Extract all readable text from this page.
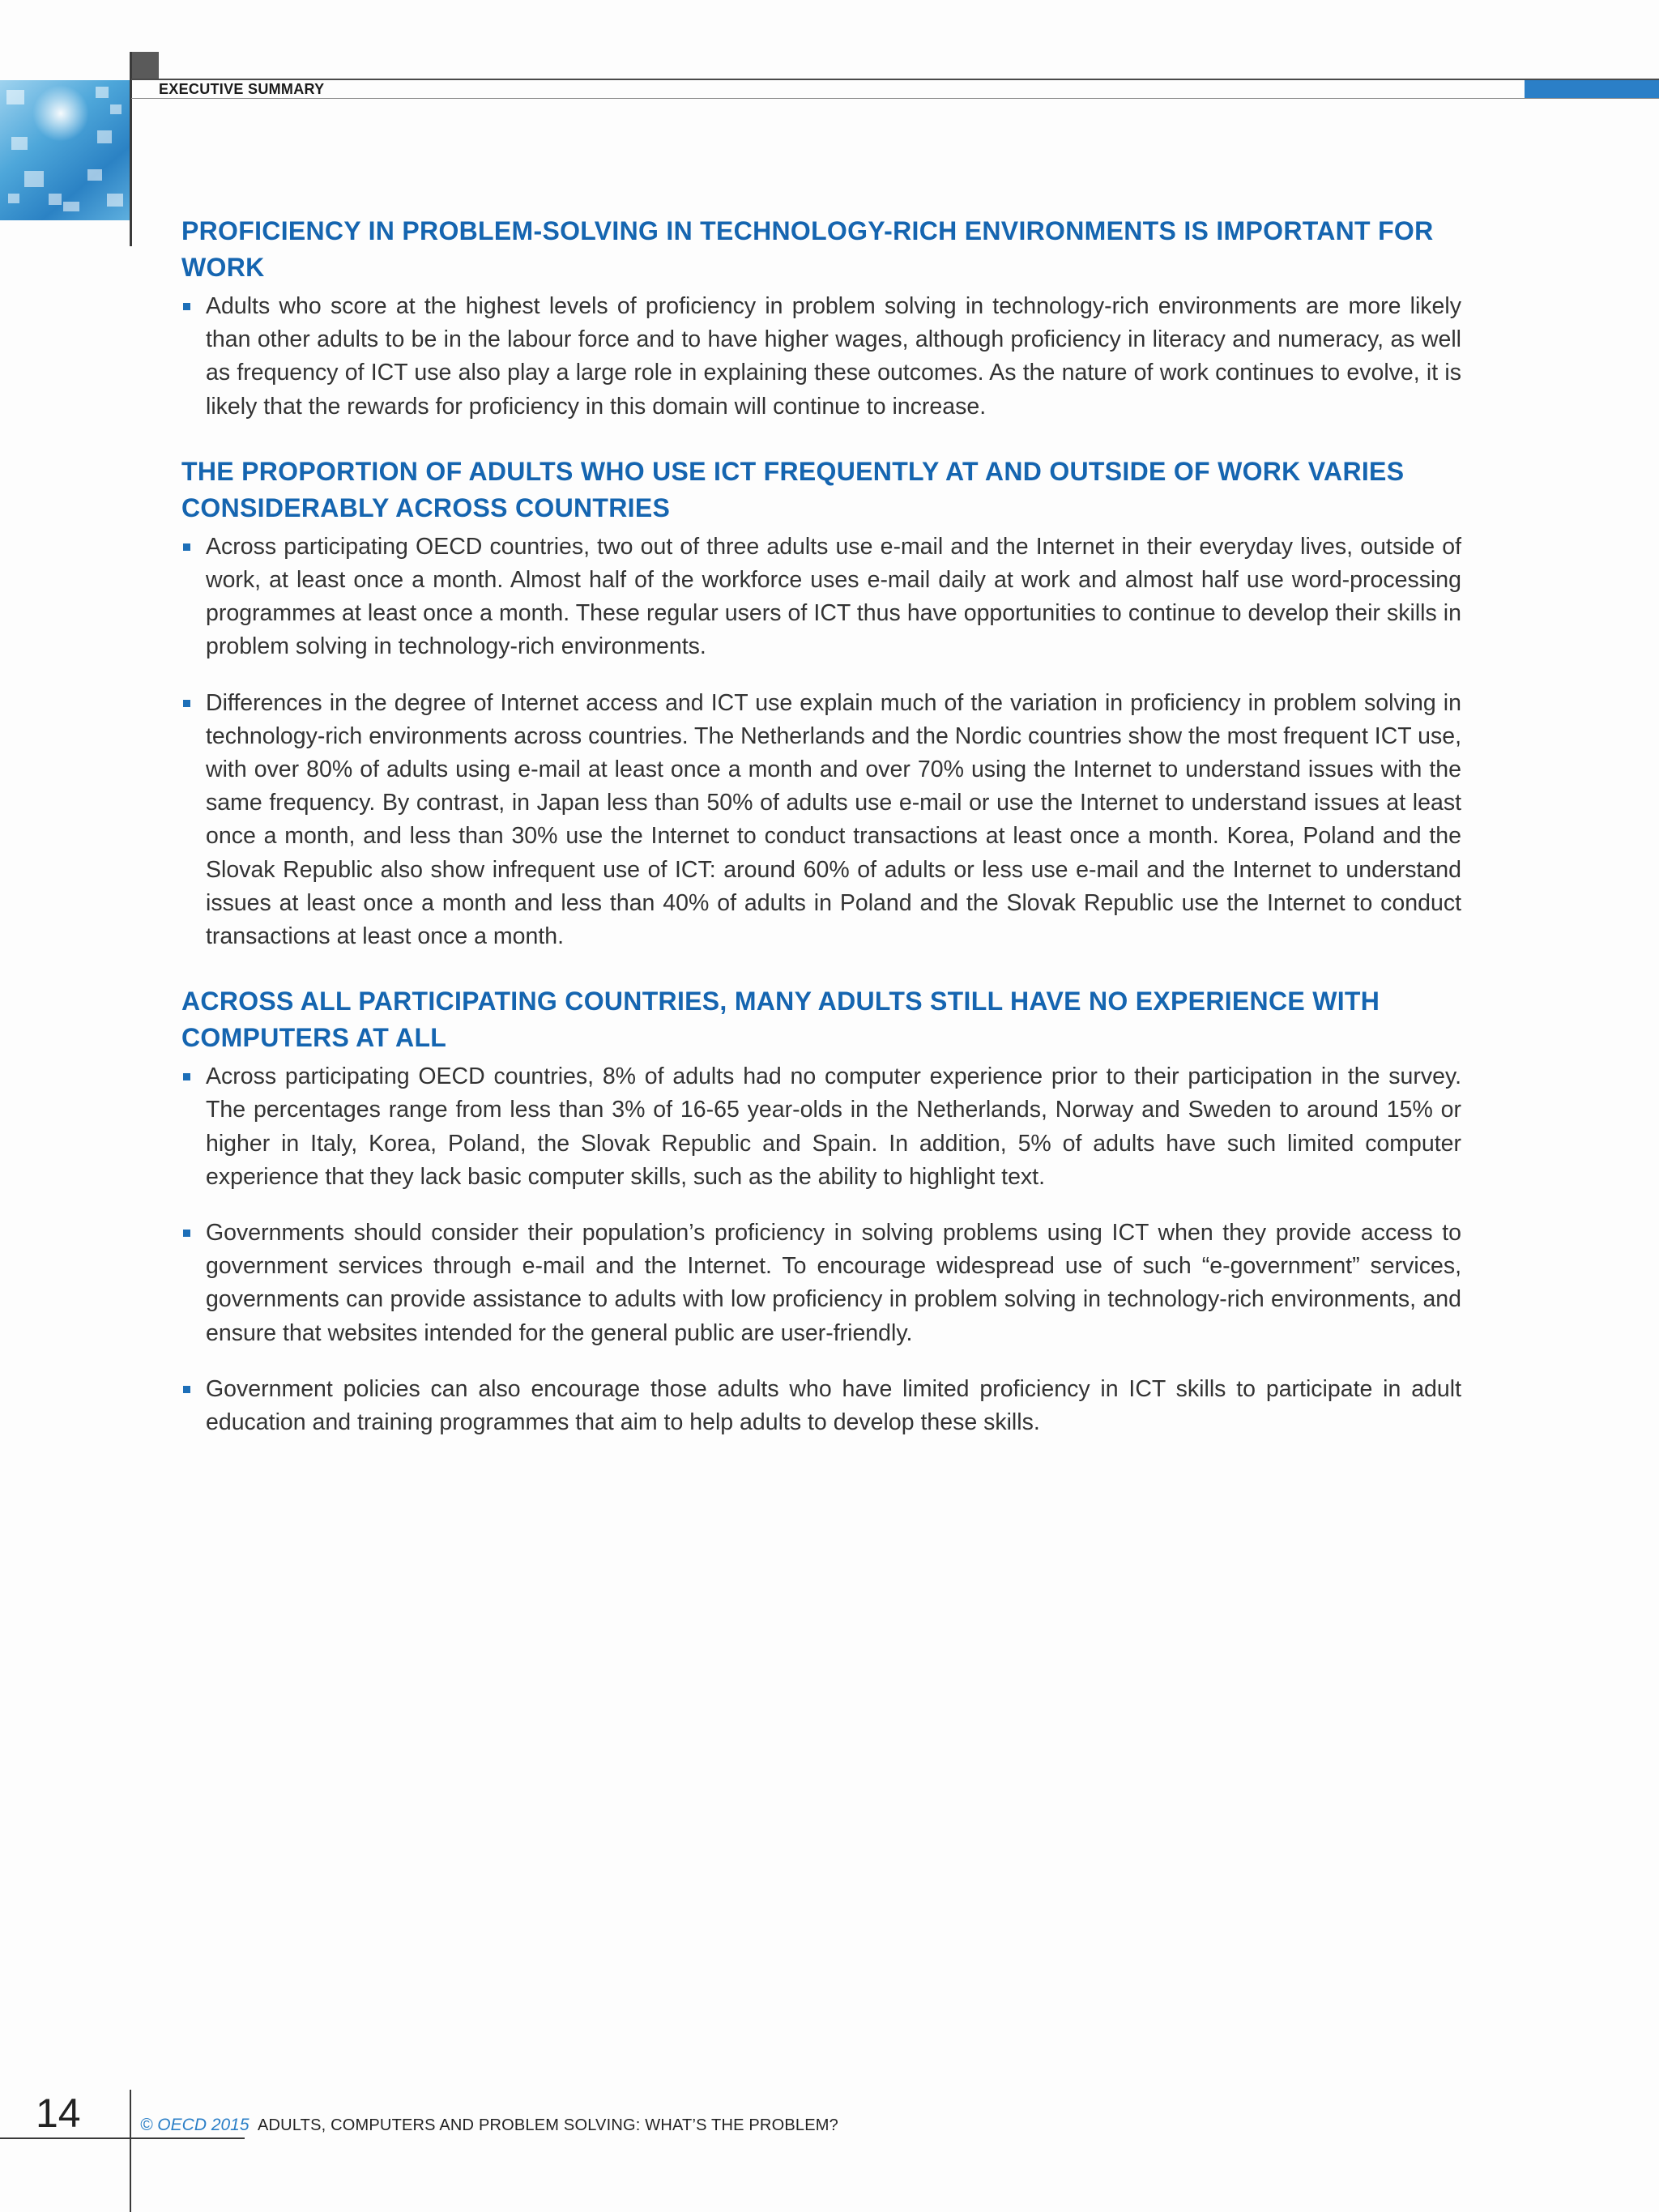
EXECUTIVE SUMMARY
PROFICIENCY IN PROBLEM-SOLVING IN TECHNOLOGY-RICH ENVIRONMENTS IS IMPORTANT FOR WORK
Adults who score at the highest levels of proficiency in problem solving in technology-rich environments are more likely than other adults to be in the labour force and to have higher wages, although proficiency in literacy and numeracy, as well as frequency of ICT use also play a large role in explaining these outcomes. As the nature of work continues to evolve, it is likely that the rewards for proficiency in this domain will continue to increase.
THE PROPORTION OF ADULTS WHO USE ICT FREQUENTLY AT AND OUTSIDE OF WORK VARIES CONSIDERABLY ACROSS COUNTRIES
Across participating OECD countries, two out of three adults use e-mail and the Internet in their everyday lives, outside of work, at least once a month. Almost half of the workforce uses e-mail daily at work and almost half use word-processing programmes at least once a month. These regular users of ICT thus have opportunities to continue to develop their skills in problem solving in technology-rich environments.
Differences in the degree of Internet access and ICT use explain much of the variation in proficiency in problem solving in technology-rich environments across countries. The Netherlands and the Nordic countries show the most frequent ICT use, with over 80% of adults using e-mail at least once a month and over 70% using the Internet to understand issues with the same frequency. By contrast, in Japan less than 50% of adults use e-mail or use the Internet to understand issues at least once a month, and less than 30% use the Internet to conduct transactions at least once a month. Korea, Poland and the Slovak Republic also show infrequent use of ICT: around 60% of adults or less use e-mail and the Internet to understand issues at least once a month and less than 40% of adults in Poland and the Slovak Republic use the Internet to conduct transactions at least once a month.
ACROSS ALL PARTICIPATING COUNTRIES, MANY ADULTS STILL HAVE NO EXPERIENCE WITH COMPUTERS AT ALL
Across participating OECD countries, 8% of adults had no computer experience prior to their participation in the survey. The percentages range from less than 3% of 16-65 year-olds in the Netherlands, Norway and Sweden to around 15% or higher in Italy, Korea, Poland, the Slovak Republic and Spain. In addition, 5% of adults have such limited computer experience that they lack basic computer skills, such as the ability to highlight text.
Governments should consider their population’s proficiency in solving problems using ICT when they provide access to government services through e-mail and the Internet. To encourage widespread use of such “e-government” services, governments can provide assistance to adults with low proficiency in problem solving in technology-rich environments, and ensure that websites intended for the general public are user-friendly.
Government policies can also encourage those adults who have limited proficiency in ICT skills to participate in adult education and training programmes that aim to help adults to develop these skills.
14	© OECD 2015 ADULTS, COMPUTERS AND PROBLEM SOLVING: WHAT’S THE PROBLEM?
